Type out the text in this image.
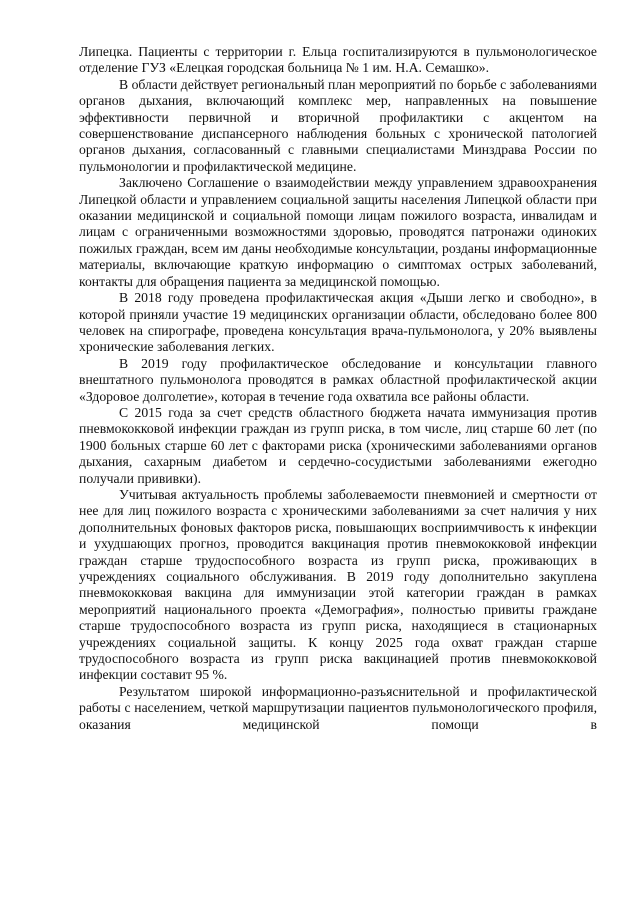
Липецка. Пациенты с территории г. Ельца госпитализируются в пульмонологическое отделение ГУЗ «Елецкая городская больница № 1 им. Н.А. Семашко».

В области действует региональный план мероприятий по борьбе с заболеваниями органов дыхания, включающий комплекс мер, направленных на повышение эффективности первичной и вторичной профилактики с акцентом на совершенствование диспансерного наблюдения больных с хронической патологией органов дыхания, согласованный с главными специалистами Минздрава России по пульмонологии и профилактической медицине.

Заключено Соглашение о взаимодействии между управлением здравоохранения Липецкой области и управлением социальной защиты населения Липецкой области при оказании медицинской и социальной помощи лицам пожилого возраста, инвалидам и лицам с ограниченными возможностями здоровью, проводятся патронажи одиноких пожилых граждан, всем им даны необходимые консультации, розданы информационные материалы, включающие краткую информацию о симптомах острых заболеваний, контакты для обращения пациента за медицинской помощью.

В 2018 году проведена профилактическая акция «Дыши легко и свободно», в которой приняли участие 19 медицинских организации области, обследовано более 800 человек на спирографе, проведена консультация врача-пульмонолога, у 20% выявлены хронические заболевания легких.

В 2019 году профилактическое обследование и консультации главного внештатного пульмонолога проводятся в рамках областной профилактической акции «Здоровое долголетие», которая в течение года охватила все районы области.

С 2015 года за счет средств областного бюджета начата иммунизация против пневмококковой инфекции граждан из групп риска, в том числе, лиц старше 60 лет (по 1900 больных старше 60 лет с факторами риска (хроническими заболеваниями органов дыхания, сахарным диабетом и сердечно-сосудистыми заболеваниями ежегодно получали прививки).

Учитывая актуальность проблемы заболеваемости пневмонией и смертности от нее для лиц пожилого возраста с хроническими заболеваниями за счет наличия у них дополнительных фоновых факторов риска, повышающих восприимчивость к инфекции и ухудшающих прогноз, проводится вакцинация против пневмококковой инфекции граждан старше трудоспособного возраста из групп риска, проживающих в учреждениях социального обслуживания. В 2019 году дополнительно закуплена пневмококковая вакцина для иммунизации этой категории граждан в рамках мероприятий национального проекта «Демография», полностью привиты граждане старше трудоспособного возраста из групп риска, находящиеся в стационарных учреждениях социальной защиты. К концу 2025 года охват граждан старше трудоспособного возраста из групп риска вакцинацией против пневмококковой инфекции составит 95 %.

Результатом широкой информационно-разъяснительной и профилактической работы с населением, четкой маршрутизации пациентов пульмонологического профиля, оказания медицинской помощи в
